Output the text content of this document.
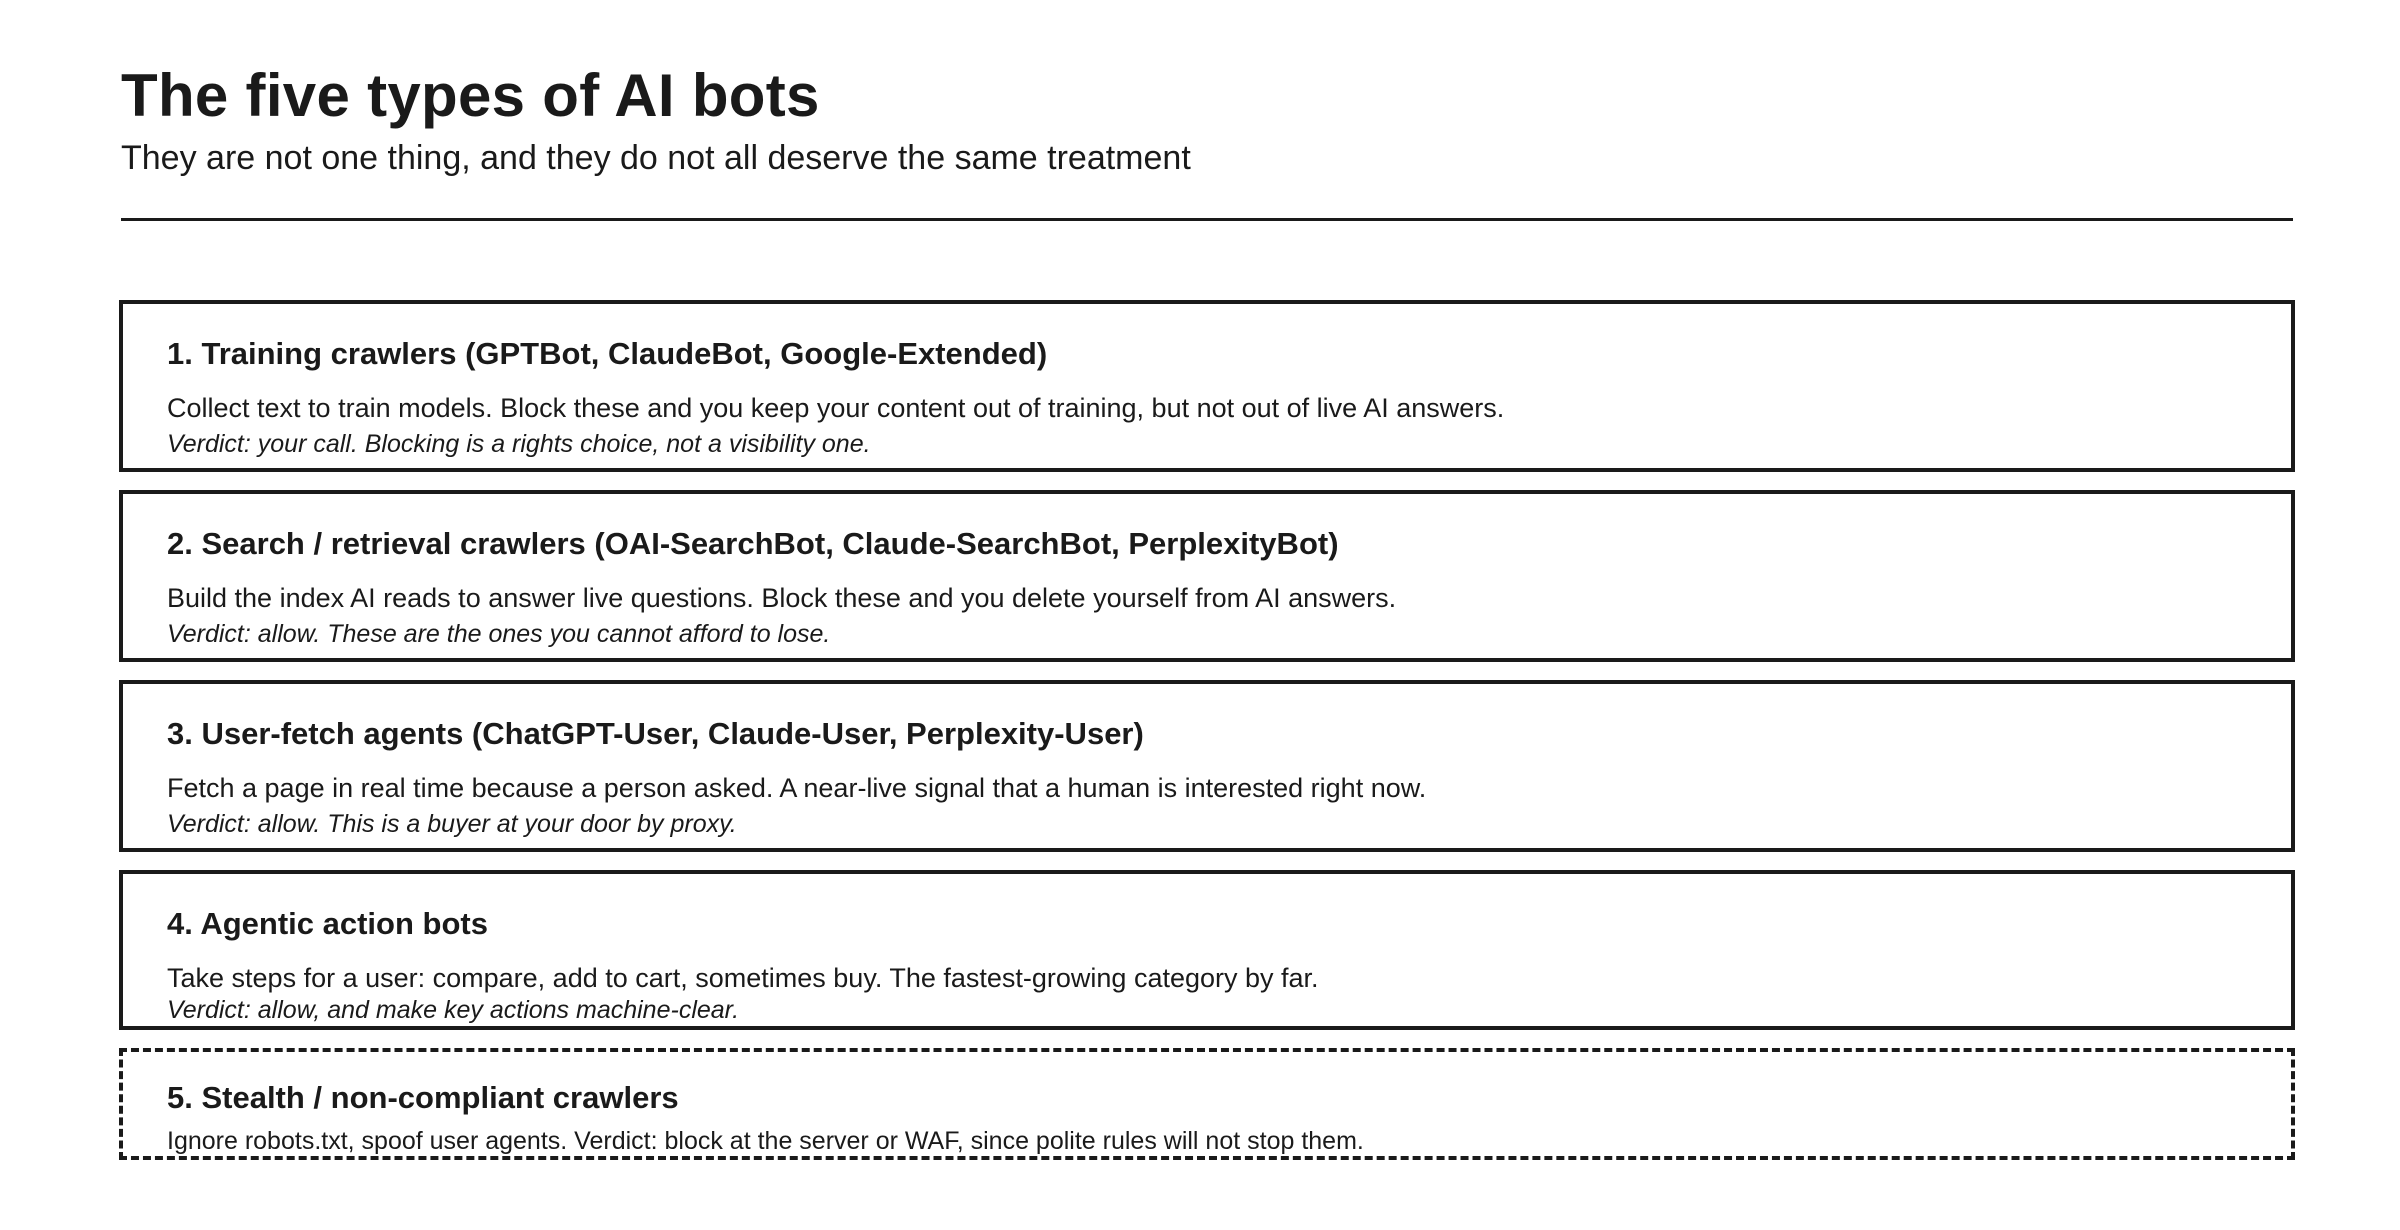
The five types of AI bots

They are not one thing, and they do not all deserve the same treatment

1. Training crawlers (GPTBot, ClaudeBot, Google-Extended)

Collect text to train models. Block these and you keep your content out of training, but not out of live AI answers.

Verdict: your call. Blocking is a rights choice, not a visibility one.

2. Search / retrieval crawlers (OAI-SearchBot, Claude-SearchBot, PerplexityBot)

Build the index AI reads to answer live questions. Block these and you delete yourself from AI answers.

Verdict: allow. These are the ones you cannot afford to lose.

3. User-fetch agents (ChatGPT-User, Claude-User, Perplexity-User)

Fetch a page in real time because a person asked. A near-live signal that a human is interested right now.

Verdict: allow. This is a buyer at your door by proxy.

4. Agentic action bots

Take steps for a user: compare, add to cart, sometimes buy. The fastest-growing category by far.

Verdict: allow, and make key actions machine-clear.

5. Stealth / non-compliant crawlers

Ignore robots.txt, spoof user agents. Verdict: block at the server or WAF, since polite rules will not stop them.
